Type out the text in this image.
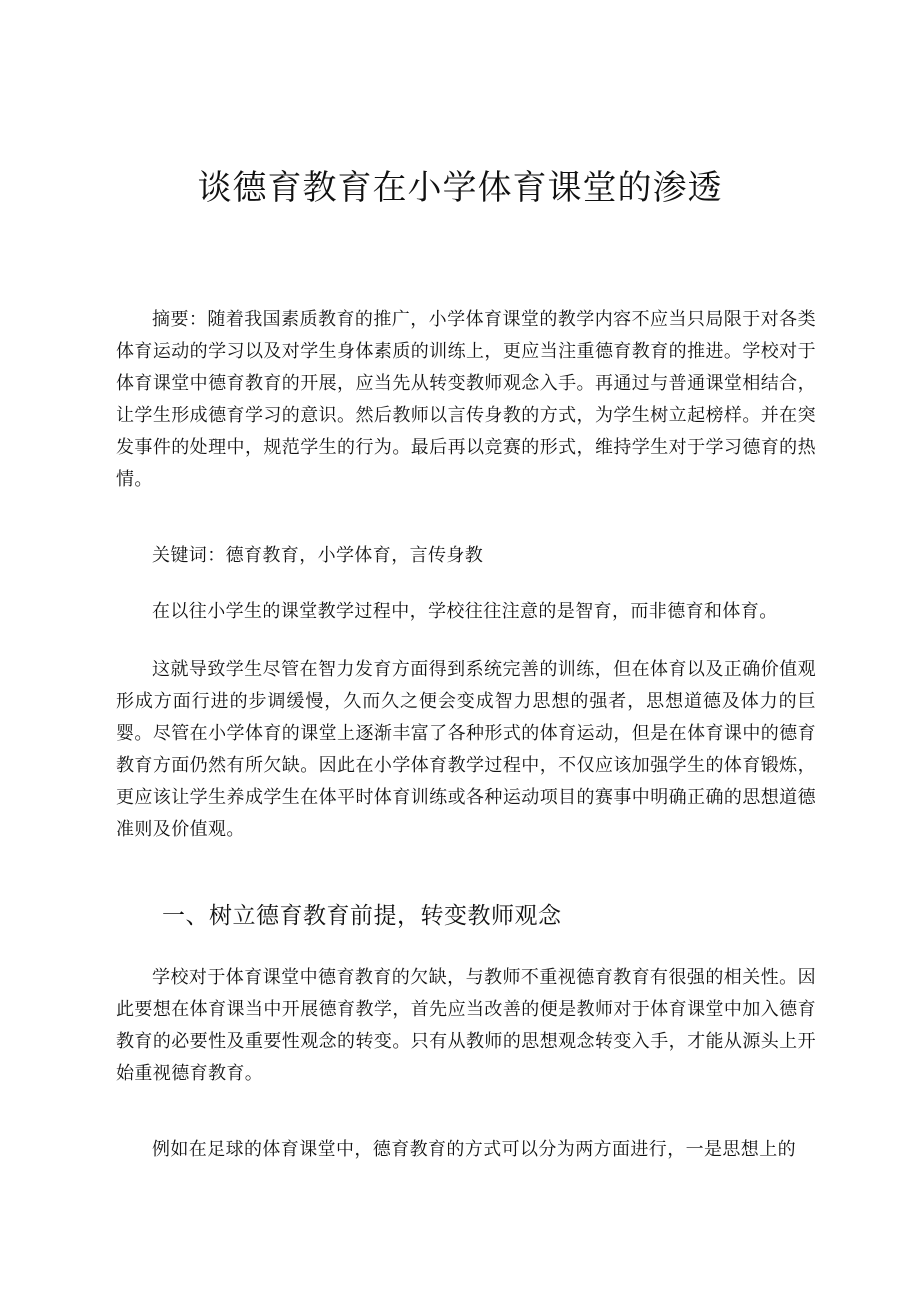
谈德育教育在小学体育课堂的渗透

摘要：随着我国素质教育的推广，小学体育课堂的教学内容不应当只局限于对各类体育运动的学习以及对学生身体素质的训练上，更应当注重德育教育的推进。学校对于体育课堂中德育教育的开展，应当先从转变教师观念入手。再通过与普通课堂相结合，让学生形成德育学习的意识。然后教师以言传身教的方式，为学生树立起榜样。并在突发事件的处理中，规范学生的行为。最后再以竞赛的形式，维持学生对于学习德育的热情。

关键词：德育教育，小学体育，言传身教

在以往小学生的课堂教学过程中，学校往往注意的是智育，而非德育和体育。

这就导致学生尽管在智力发育方面得到系统完善的训练，但在体育以及正确价值观形成方面行进的步调缓慢，久而久之便会变成智力思想的强者，思想道德及体力的巨婴。尽管在小学体育的课堂上逐渐丰富了各种形式的体育运动，但是在体育课中的德育教育方面仍然有所欠缺。因此在小学体育教学过程中，不仅应该加强学生的体育锻炼，更应该让学生养成学生在体平时体育训练或各种运动项目的赛事中明确正确的思想道德准则及价值观。

一、树立德育教育前提，转变教师观念

学校对于体育课堂中德育教育的欠缺，与教师不重视德育教育有很强的相关性。因此要想在体育课当中开展德育教学，首先应当改善的便是教师对于体育课堂中加入德育教育的必要性及重要性观念的转变。只有从教师的思想观念转变入手，才能从源头上开始重视德育教育。

例如在足球的体育课堂中，德育教育的方式可以分为两方面进行，一是思想上的
